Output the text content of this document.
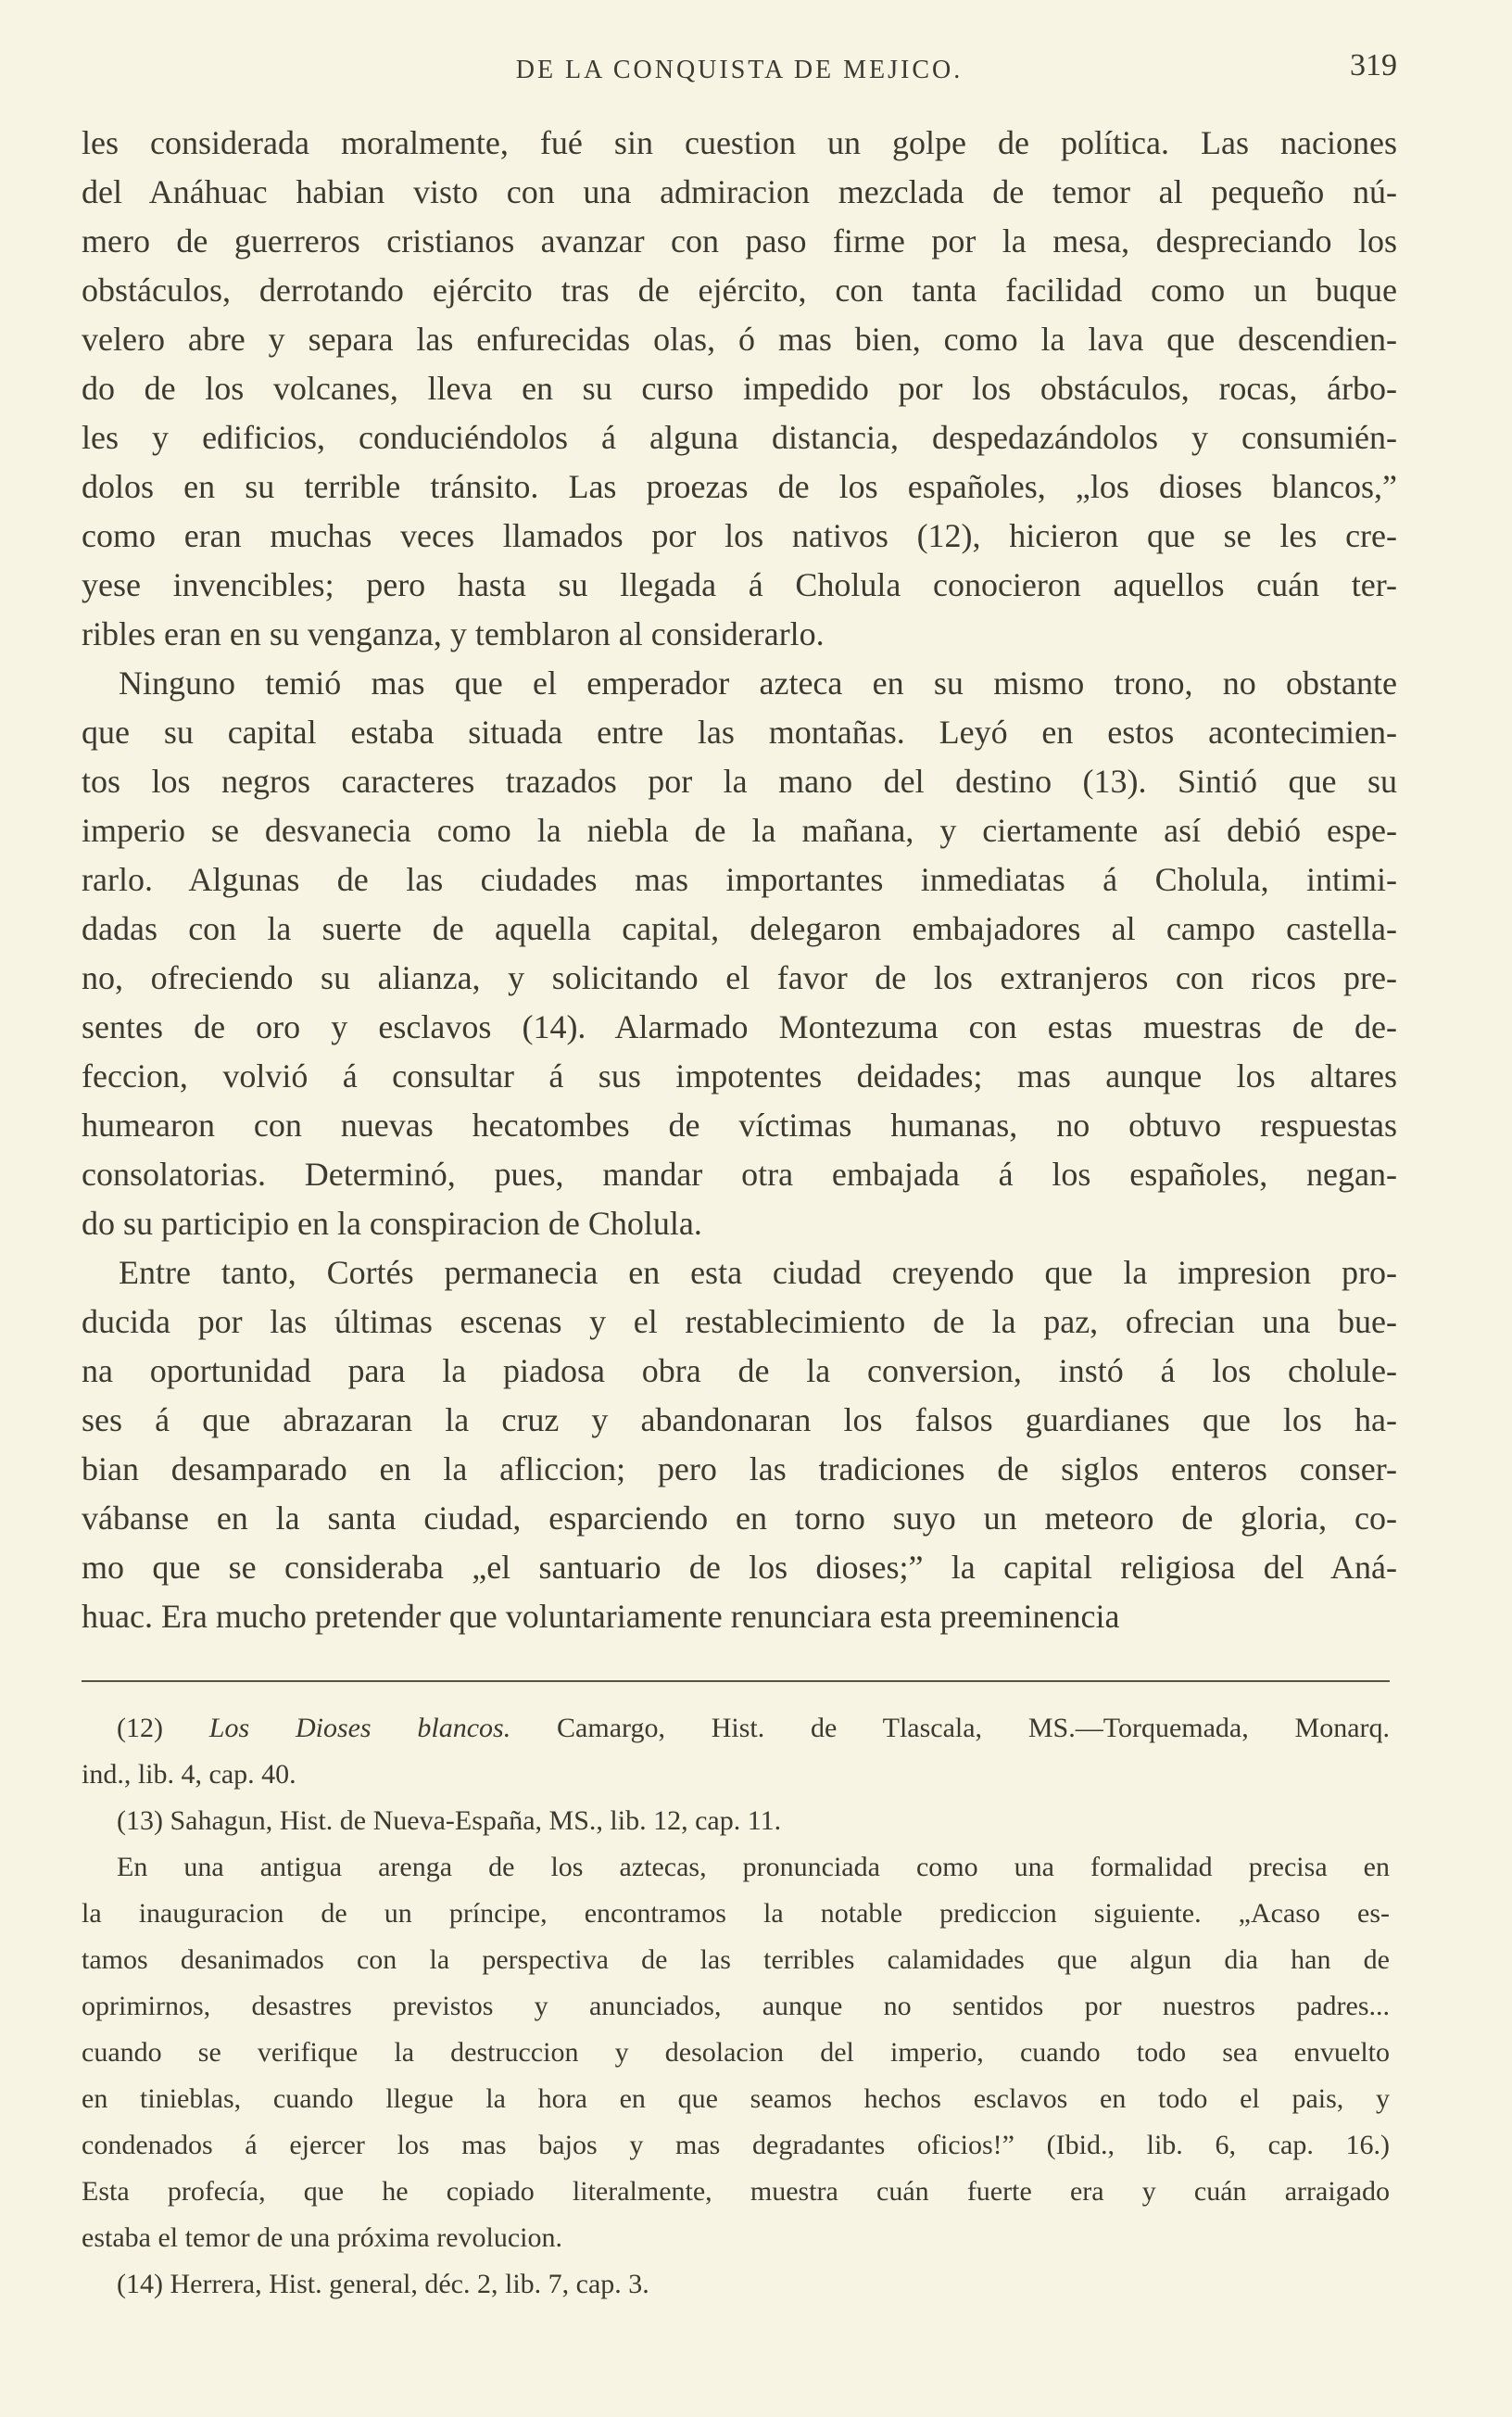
DE LA CONQUISTA DE MEJICO.	319
les considerada moralmente, fué sin cuestion un golpe de política. Las naciones
del Anáhuac habian visto con una admiracion mezclada de temor al pequeño nú-
mero de guerreros cristianos avanzar con paso firme por la mesa, despreciando los
obstáculos, derrotando ejército tras de ejército, con tanta facilidad como un buque
velero abre y separa las enfurecidas olas, ó mas bien, como la lava que descendien-
do de los volcanes, lleva en su curso impedido por los obstáculos, rocas, árbo-
les y edificios, conduciéndolos á alguna distancia, despedazándolos y consumién-
dolos en su terrible tránsito. Las proezas de los españoles, „los dioses blancos,”
como eran muchas veces llamados por los nativos (12), hicieron que se les cre-
yese invencibles; pero hasta su llegada á Cholula conocieron aquellos cuán ter-
ribles eran en su venganza, y temblaron al considerarlo.
Ninguno temió mas que el emperador azteca en su mismo trono, no obstante
que su capital estaba situada entre las montañas. Leyó en estos acontecimien-
tos los negros caracteres trazados por la mano del destino (13). Sintió que su
imperio se desvanecia como la niebla de la mañana, y ciertamente así debió espe-
rarlo. Algunas de las ciudades mas importantes inmediatas á Cholula, intimi-
dadas con la suerte de aquella capital, delegaron embajadores al campo castella-
no, ofreciendo su alianza, y solicitando el favor de los extranjeros con ricos pre-
sentes de oro y esclavos (14). Alarmado Montezuma con estas muestras de de-
feccion, volvió á consultar á sus impotentes deidades; mas aunque los altares
humearon con nuevas hecatombes de víctimas humanas, no obtuvo respuestas
consolatorias. Determinó, pues, mandar otra embajada á los españoles, negan-
do su participio en la conspiracion de Cholula.
Entre tanto, Cortés permanecia en esta ciudad creyendo que la impresion pro-
ducida por las últimas escenas y el restablecimiento de la paz, ofrecian una bue-
na oportunidad para la piadosa obra de la conversion, instó á los cholule-
ses á que abrazaran la cruz y abandonaran los falsos guardianes que los ha-
bian desamparado en la afliccion; pero las tradiciones de siglos enteros conser-
vábanse en la santa ciudad, esparciendo en torno suyo un meteoro de gloria, co-
mo que se consideraba „el santuario de los dioses;” la capital religiosa del Aná-
huac. Era mucho pretender que voluntariamente renunciara esta preeminencia
(12) Los Dioses blancos. Camargo, Hist. de Tlascala, MS.—Torquemada, Monarq.
ind., lib. 4, cap. 40.
(13) Sahagun, Hist. de Nueva-España, MS., lib. 12, cap. 11.
En una antigua arenga de los aztecas, pronunciada como una formalidad precisa en
la inauguracion de un príncipe, encontramos la notable prediccion siguiente. „Acaso es-
tamos desanimados con la perspectiva de las terribles calamidades que algun dia han de
oprimirnos, desastres previstos y anunciados, aunque no sentidos por nuestros padres...
cuando se verifique la destruccion y desolacion del imperio, cuando todo sea envuelto
en tinieblas, cuando llegue la hora en que seamos hechos esclavos en todo el pais, y
condenados á ejercer los mas bajos y mas degradantes oficios!” (Ibid., lib. 6, cap. 16.)
Esta profecía, que he copiado literalmente, muestra cuán fuerte era y cuán arraigado
estaba el temor de una próxima revolucion.
(14) Herrera, Hist. general, déc. 2, lib. 7, cap. 3.
